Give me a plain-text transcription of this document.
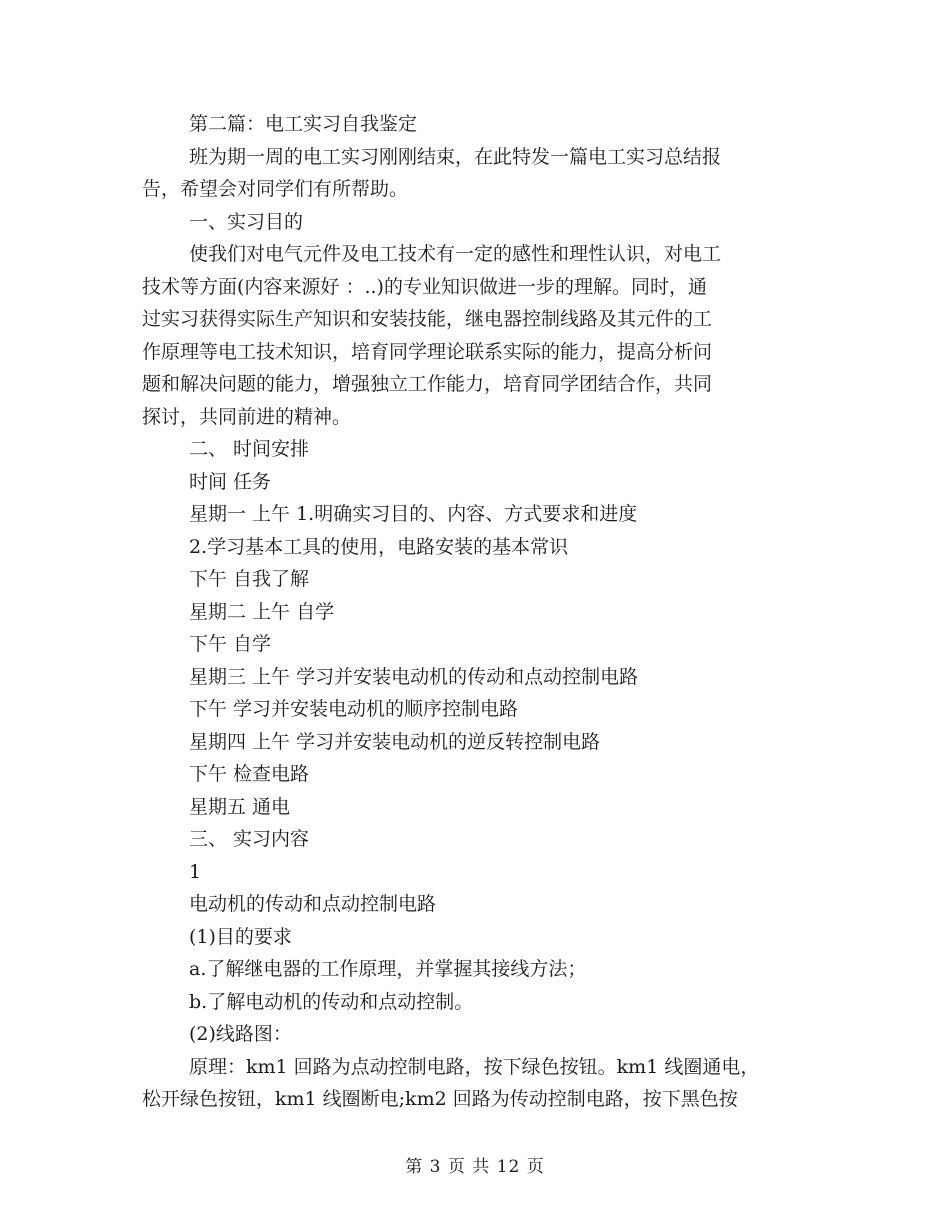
第二篇：电工实习自我鉴定
班为期一周的电工实习刚刚结束，在此特发一篇电工实习总结报
告，希望会对同学们有所帮助。
一、实习目的
使我们对电气元件及电工技术有一定的感性和理性认识，对电工
技术等方面(内容来源好 ：..)的专业知识做进一步的理解。同时，通
过实习获得实际生产知识和安装技能，继电器控制线路及其元件的工
作原理等电工技术知识，培育同学理论联系实际的能力，提高分析问
题和解决问题的能力，增强独立工作能力，培育同学团结合作，共同
探讨，共同前进的精神。
二、 时间安排
时间 任务
星期一 上午 1.明确实习目的、内容、方式要求和进度
2.学习基本工具的使用，电路安装的基本常识
下午 自我了解
星期二 上午 自学
下午 自学
星期三 上午 学习并安装电动机的传动和点动控制电路
下午 学习并安装电动机的顺序控制电路
星期四 上午 学习并安装电动机的逆反转控制电路
下午 检查电路
星期五 通电
三、 实习内容
1
电动机的传动和点动控制电路
(1)目的要求
a.了解继电器的工作原理，并掌握其接线方法；
b.了解电动机的传动和点动控制。
(2)线路图：
原理：km1 回路为点动控制电路，按下绿色按钮。km1 线圈通电，
松开绿色按钮，km1 线圈断电;km2 回路为传动控制电路，按下黑色按
第 3 页 共 12 页
